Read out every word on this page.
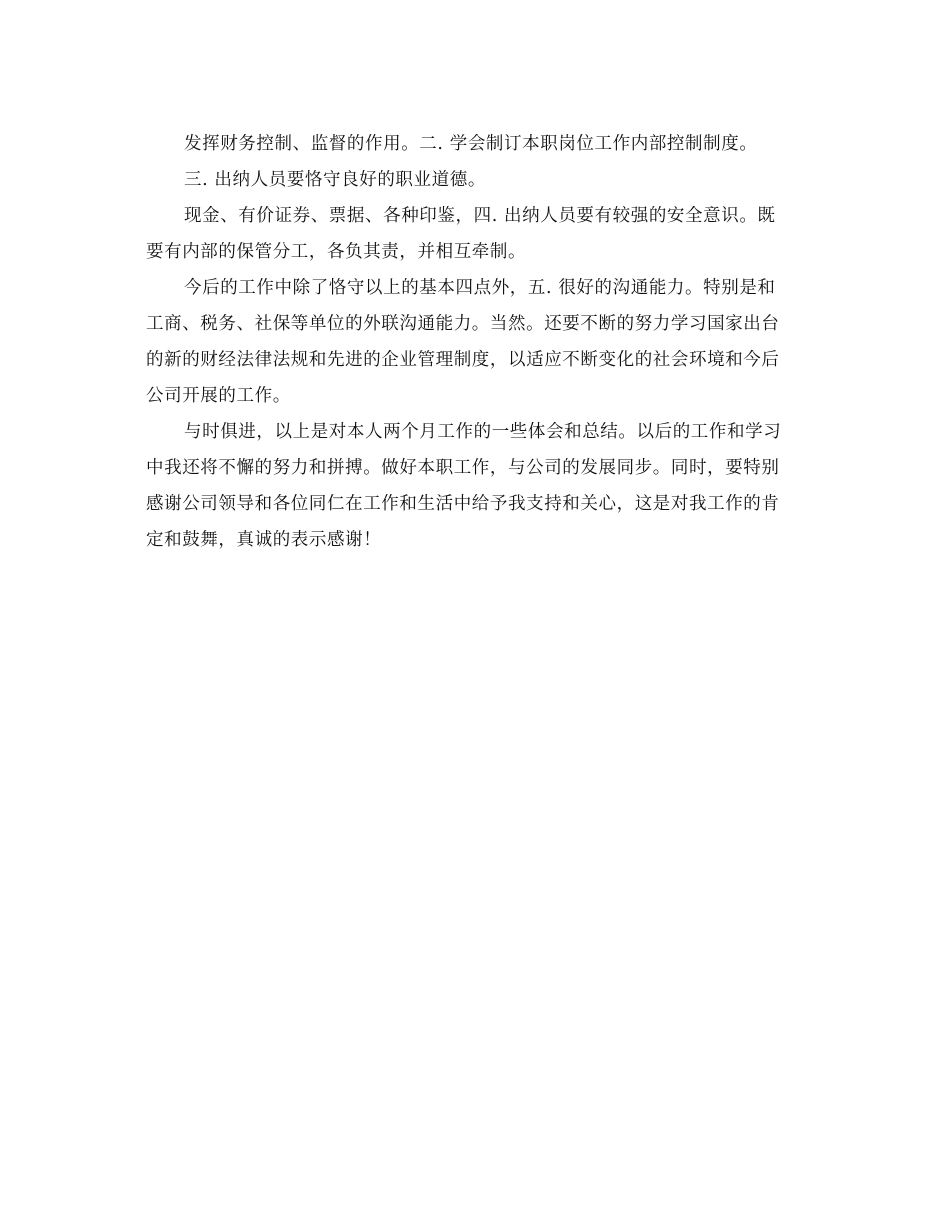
发挥财务控制、监督的作用。二. 学会制订本职岗位工作内部控制制度。
三. 出纳人员要恪守良好的职业道德。
现金、有价证券、票据、各种印鉴，四. 出纳人员要有较强的安全意识。既
要有内部的保管分工，各负其责，并相互牵制。
今后的工作中除了恪守以上的基本四点外，五. 很好的沟通能力。特别是和
工商、税务、社保等单位的外联沟通能力。当然。还要不断的努力学习国家出台
的新的财经法律法规和先进的企业管理制度，以适应不断变化的社会环境和今后
公司开展的工作。
与时俱进，以上是对本人两个月工作的一些体会和总结。以后的工作和学习
中我还将不懈的努力和拼搏。做好本职工作，与公司的发展同步。同时，要特别
感谢公司领导和各位同仁在工作和生活中给予我支持和关心，这是对我工作的肯
定和鼓舞，真诚的表示感谢！
